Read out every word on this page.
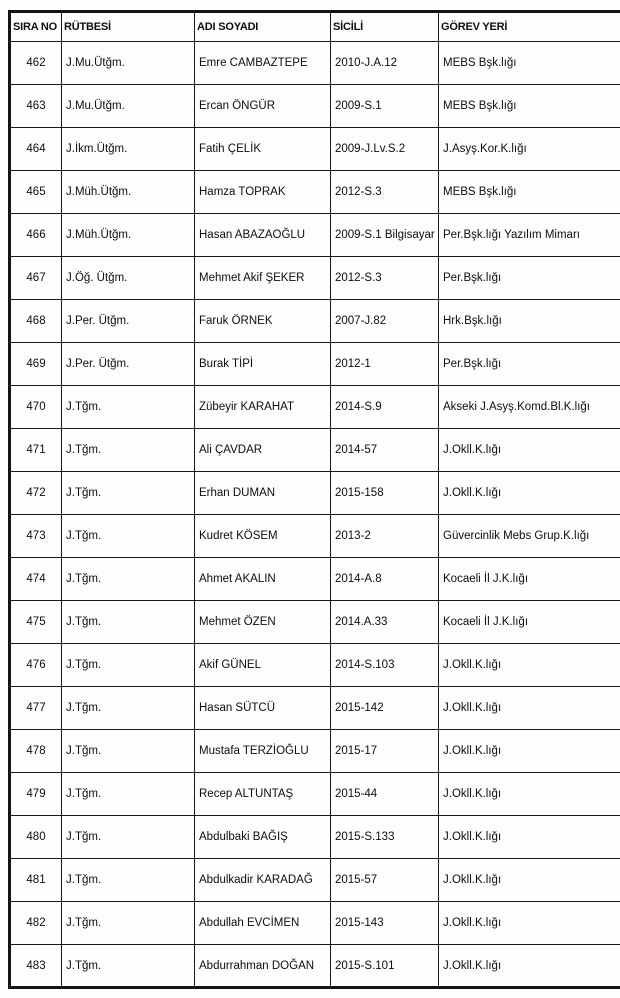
SIRA NO	RÜTBESİ	ADI SOYADI	SİCİLİ	GÖREV YERİ
462	J.Mu.Ütğm.	Emre CAMBAZTEPE	2010-J.A.12	MEBS Bşk.lığı
463	J.Mu.Ütğm.	Ercan ÖNGÜR	2009-S.1	MEBS Bşk.lığı
464	J.İkm.Ütğm.	Fatih ÇELİK	2009-J.Lv.S.2	J.Asyş.Kor.K.lığı
465	J.Müh.Ütğm.	Hamza TOPRAK	2012-S.3	MEBS Bşk.lığı
466	J.Müh.Ütğm.	Hasan ABAZAOĞLU	2009-S.1 Bilgisayar	Per.Bşk.lığı Yazılım Mimarı
467	J.Öğ. Ütğm.	Mehmet Akif ŞEKER	2012-S.3	Per.Bşk.lığı
468	J.Per. Ütğm.	Faruk ÖRNEK	2007-J.82	Hrk.Bşk.lığı
469	J.Per. Ütğm.	Burak TİPİ	2012-1	Per.Bşk.lığı
470	J.Tğm.	Zübeyir KARAHAT	2014-S.9	Akseki J.Asyş.Komd.Bl.K.lığı
471	J.Tğm.	Ali ÇAVDAR	2014-57	J.Okll.K.lığı
472	J.Tğm.	Erhan DUMAN	2015-158	J.Okll.K.lığı
473	J.Tğm.	Kudret KÖSEM	2013-2	Güvercinlik Mebs Grup.K.lığı
474	J.Tğm.	Ahmet AKALIN	2014-A.8	Kocaeli İl J.K.lığı
475	J.Tğm.	Mehmet ÖZEN	2014.A.33	Kocaeli İl J.K.lığı
476	J.Tğm.	Akif GÜNEL	2014-S.103	J.Okll.K.lığı
477	J.Tğm.	Hasan SÜTCÜ	2015-142	J.Okll.K.lığı
478	J.Tğm.	Mustafa TERZİOĞLU	2015-17	J.Okll.K.lığı
479	J.Tğm.	Recep ALTUNTAŞ	2015-44	J.Okll.K.lığı
480	J.Tğm.	Abdulbaki BAĞIŞ	2015-S.133	J.Okll.K.lığı
481	J.Tğm.	Abdulkadir KARADAĞ	2015-57	J.Okll.K.lığı
482	J.Tğm.	Abdullah EVCİMEN	2015-143	J.Okll.K.lığı
483	J.Tğm.	Abdurrahman DOĞAN	2015-S.101	J.Okll.K.lığı
